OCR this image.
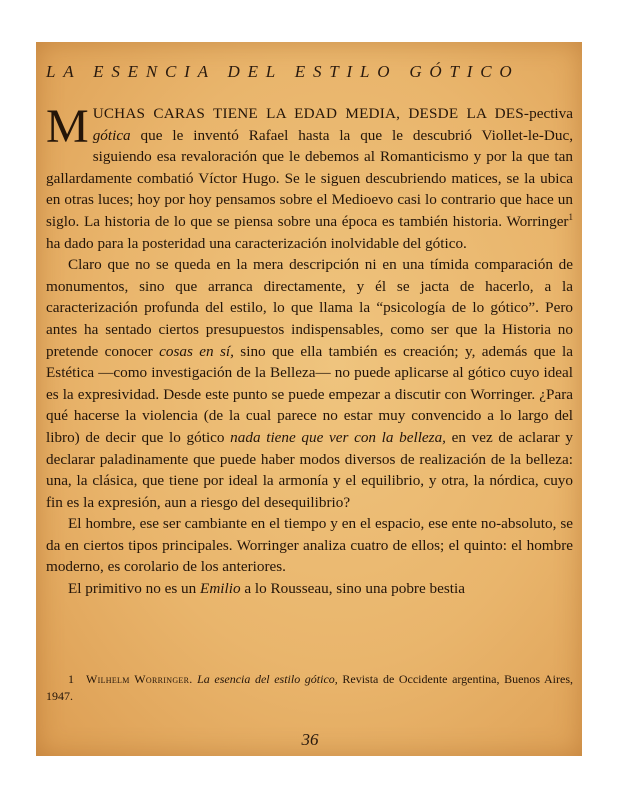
LA ESENCIA DEL ESTILO GÓTICO

MUCHAS CARAS TIENE LA EDAD MEDIA, DESDE LA DES-pectiva gótica que le inventó Rafael hasta la que le descubrió Viollet-le-Duc, siguiendo esa revaloración que le debemos al Romanticismo y por la que tan gallardamente combatió Víctor Hugo. Se le siguen descubriendo matices, se la ubica en otras luces; hoy por hoy pensamos sobre el Medioevo casi lo contrario que hace un siglo. La historia de lo que se piensa sobre una época es también historia. Worringer$^1$ ha dado para la posteridad una caracterización inolvidable del gótico.

Claro que no se queda en la mera descripción ni en una tímida comparación de monumentos, sino que arranca directamente, y él se jacta de hacerlo, a la caracterización profunda del estilo, lo que llama la “psicología de lo gótico”. Pero antes ha sentado ciertos presupuestos indispensables, como ser que la Historia no pretende conocer cosas en sí, sino que ella también es creación; y, además que la Estética —como investigación de la Belleza— no puede aplicarse al gótico cuyo ideal es la expresividad. Desde este punto se puede empezar a discutir con Worringer. ¿Para qué hacerse la violencia (de la cual parece no estar muy convencido a lo largo del libro) de decir que lo gótico nada tiene que ver con la belleza, en vez de aclarar y declarar paladinamente que puede haber modos diversos de realización de la belleza: una, la clásica, que tiene por ideal la armonía y el equilibrio, y otra, la nórdica, cuyo fin es la expresión, aun a riesgo del desequilibrio?

El hombre, ese ser cambiante en el tiempo y en el espacio, ese ente no-absoluto, se da en ciertos tipos principales. Worringer analiza cuatro de ellos; el quinto: el hombre moderno, es corolario de los anteriores.

El primitivo no es un Emilio a lo Rousseau, sino una pobre bestia

1 Wilhelm Worringer. La esencia del estilo gótico, Revista de Occidente argentina, Buenos Aires, 1947.
36
